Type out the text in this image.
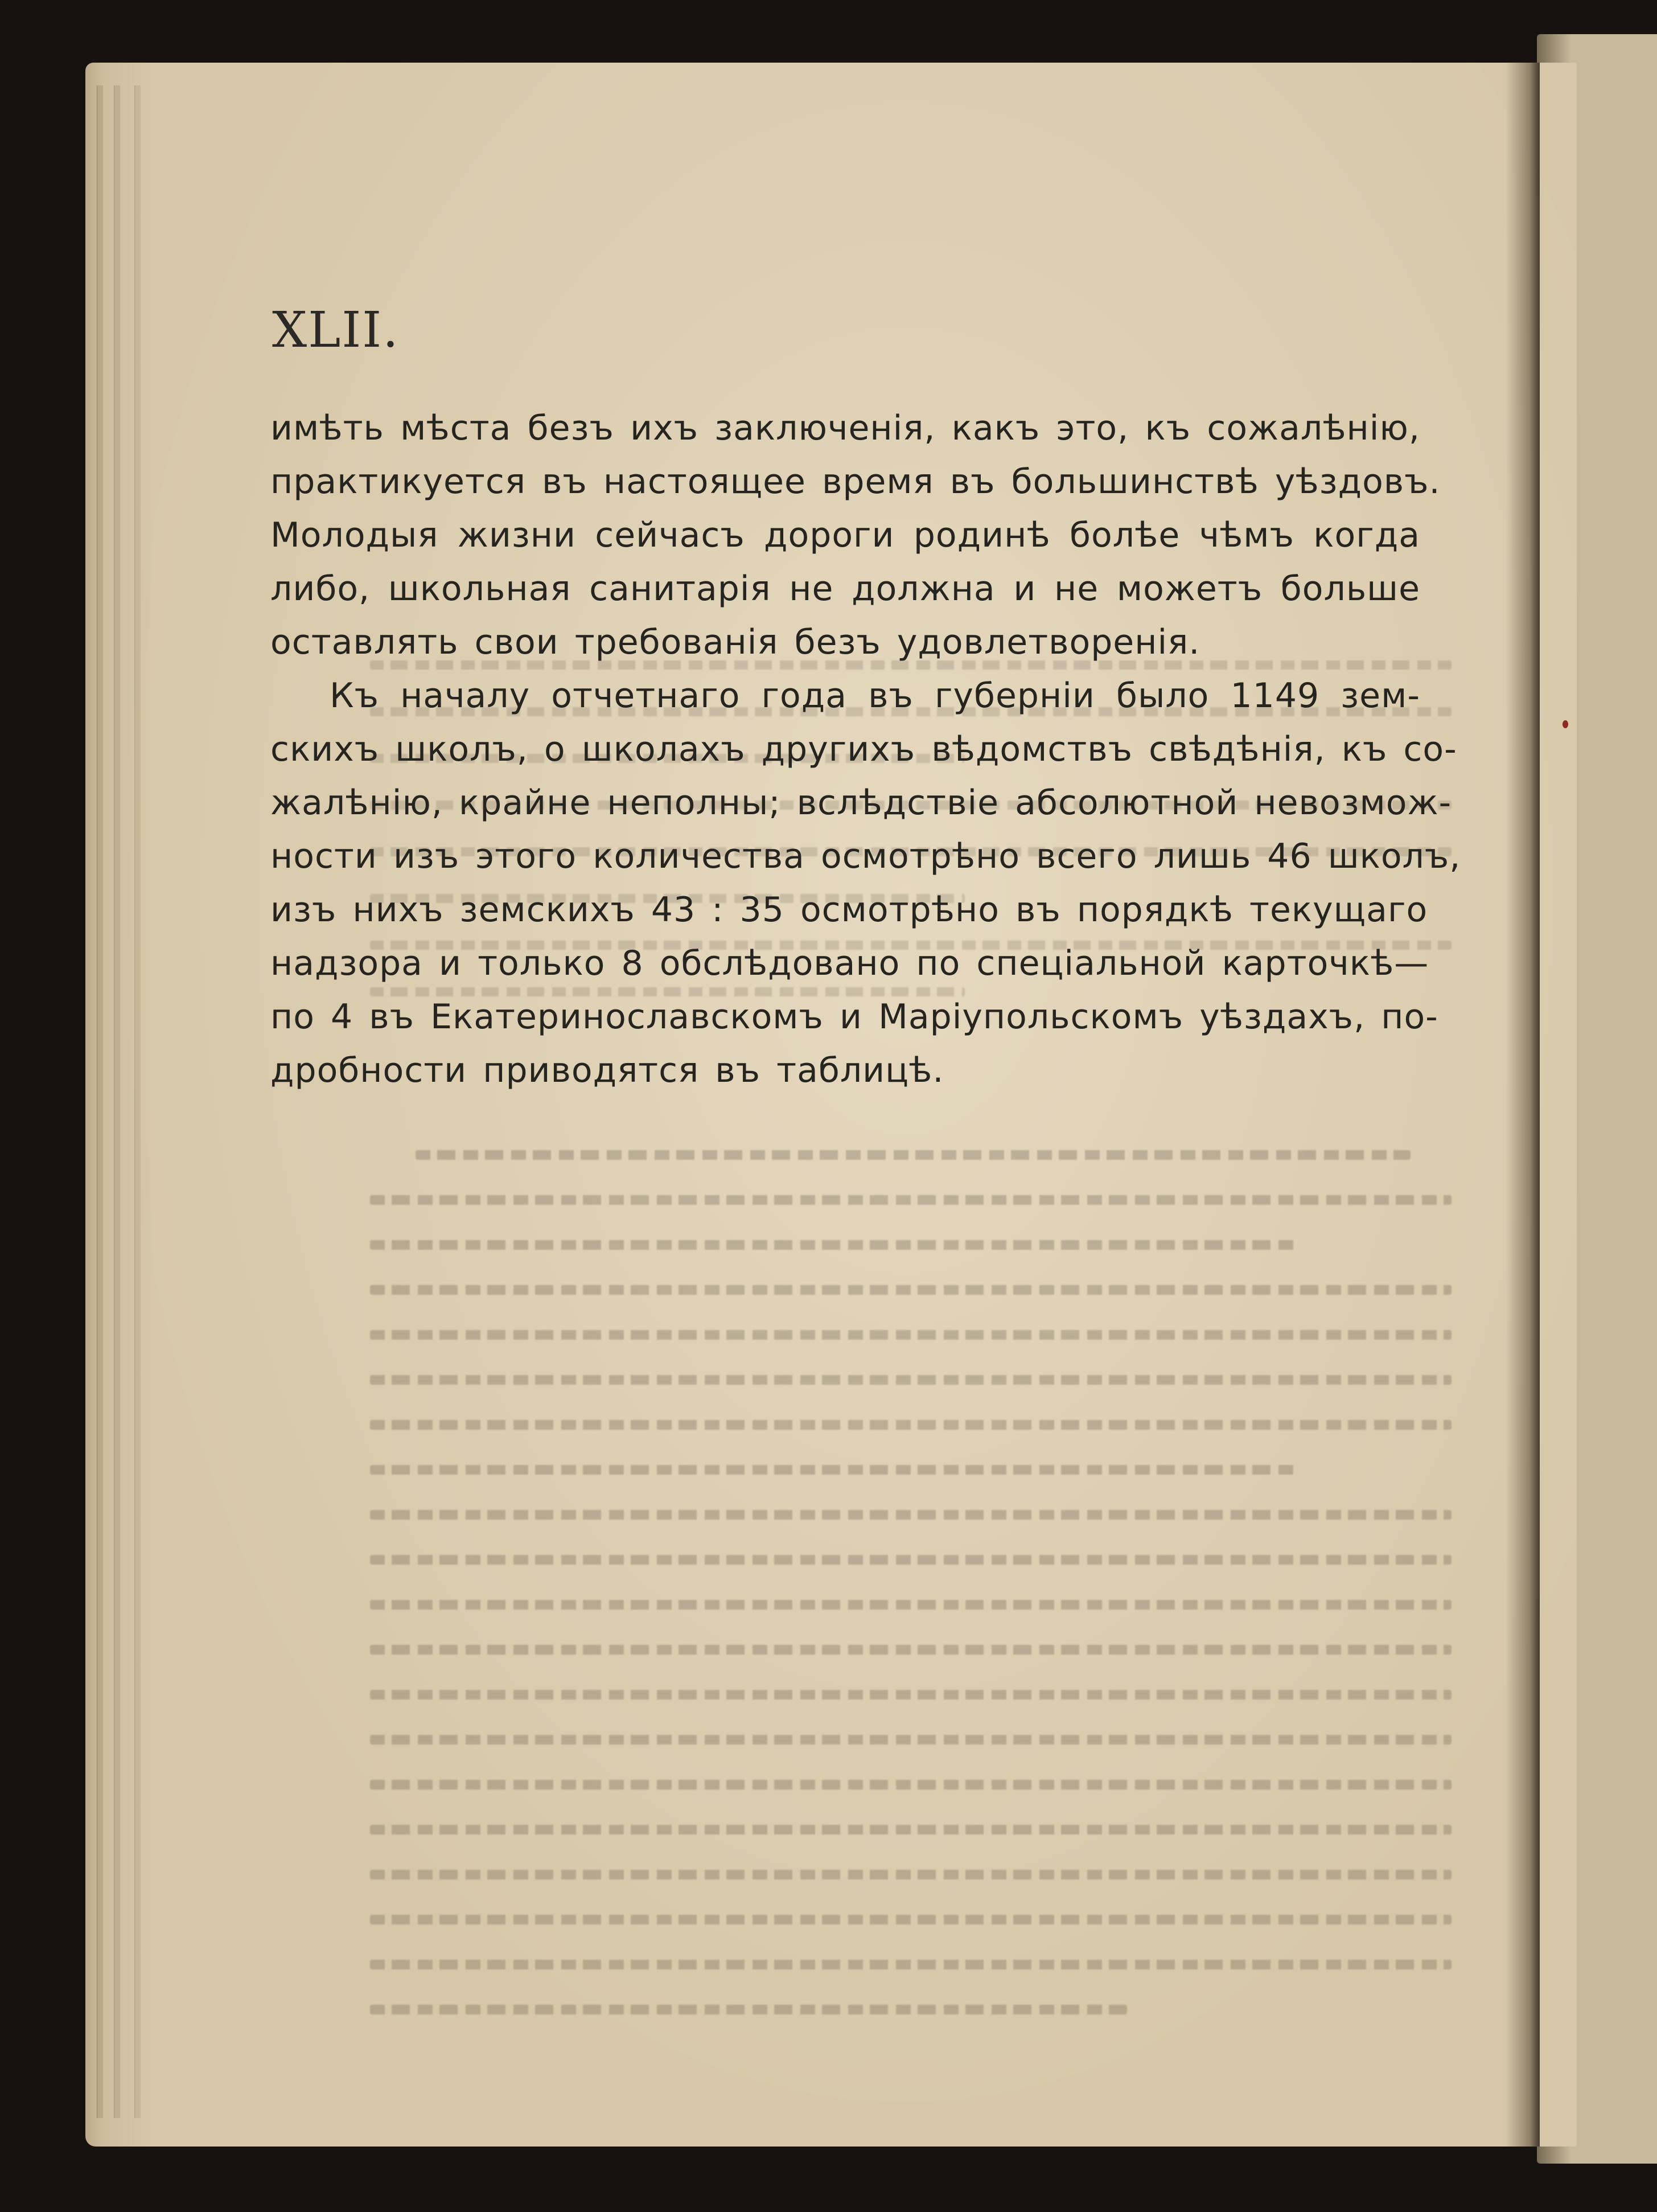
XLII.
имѣть мѣста безъ ихъ заключенія, какъ это, къ сожалѣнію,
практикуется въ настоящее время въ большинствѣ уѣздовъ.
Молодыя жизни сейчасъ дороги родинѣ болѣе чѣмъ когда
либо, школьная санитарія не должна и не можетъ больше
оставлять свои требованія безъ удовлетворенія.
Къ началу отчетнаго года въ губерніи было 1149 зем-
скихъ школъ, о школахъ другихъ вѣдомствъ свѣдѣнія, къ со-
жалѣнію, крайне неполны; вслѣдствіе абсолютной невозмож-
ности изъ этого количества осмотрѣно всего лишь 46 школъ,
изъ нихъ земскихъ 43 : 35 осмотрѣно въ порядкѣ текущаго
надзора и только 8 обслѣдовано по спеціальной карточкѣ—
по 4 въ Екатеринославскомъ и Маріупольскомъ уѣздахъ, по-
дробности приводятся въ таблицѣ.
